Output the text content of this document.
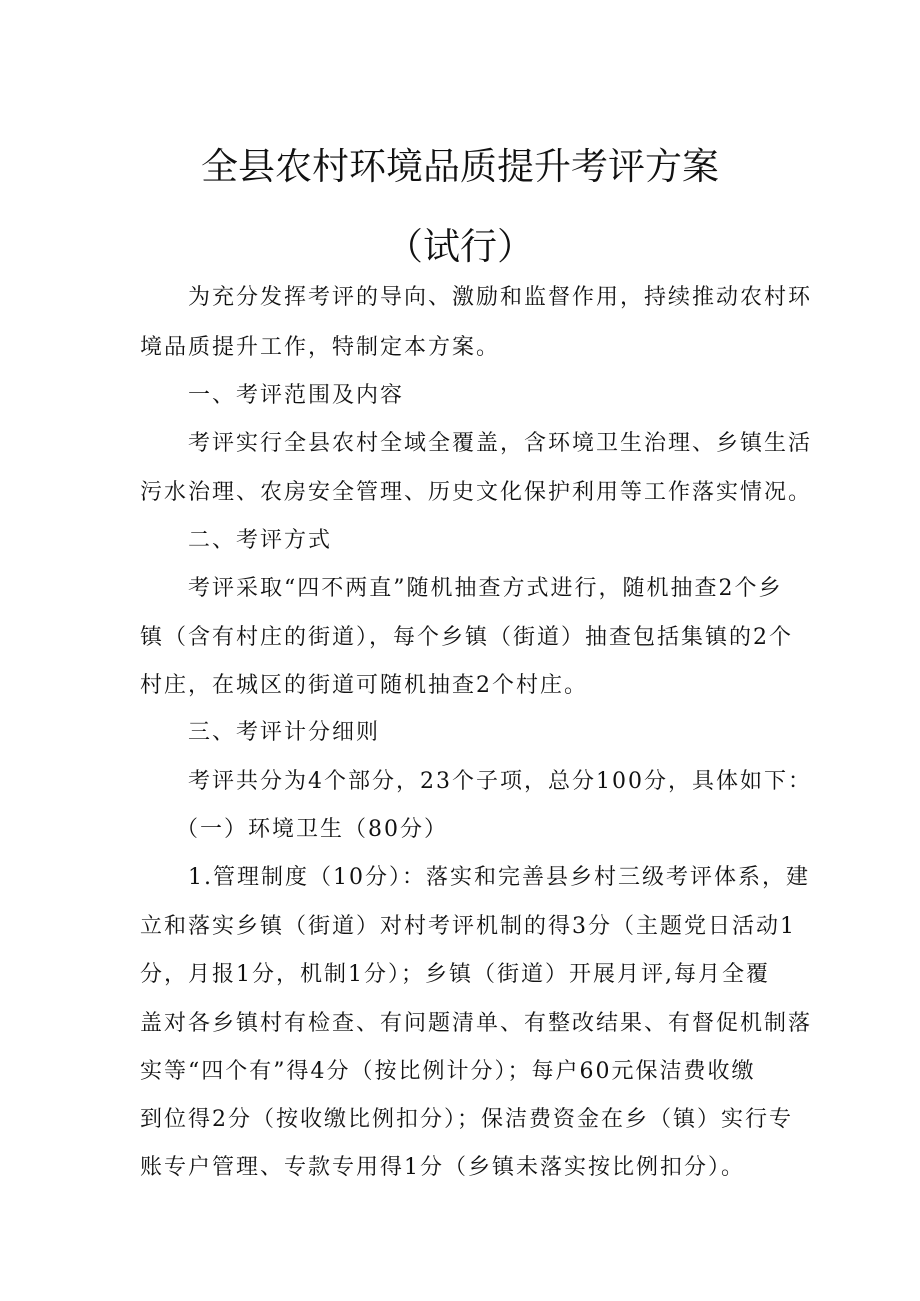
全县农村环境品质提升考评方案
（试行）
为充分发挥考评的导向、激励和监督作用，持续推动农村环
境品质提升工作，特制定本方案。
一、考评范围及内容
考评实行全县农村全域全覆盖，含环境卫生治理、乡镇生活
污水治理、农房安全管理、历史文化保护利用等工作落实情况。
二、考评方式
考评采取“四不两直”随机抽查方式进行，随机抽查2个乡
镇（含有村庄的街道），每个乡镇（街道）抽查包括集镇的2个
村庄，在城区的街道可随机抽查2个村庄。
三、考评计分细则
考评共分为4个部分，23个子项，总分100分，具体如下：
（一）环境卫生（80分）
1.管理制度（10分）：落实和完善县乡村三级考评体系，建
立和落实乡镇（街道）对村考评机制的得3分（主题党日活动1
分，月报1分，机制1分）；乡镇（街道）开展月评,每月全覆
盖对各乡镇村有检查、有问题清单、有整改结果、有督促机制落
实等“四个有”得4分（按比例计分）；每户60元保洁费收缴
到位得2分（按收缴比例扣分）；保洁费资金在乡（镇）实行专
账专户管理、专款专用得1分（乡镇未落实按比例扣分）。
